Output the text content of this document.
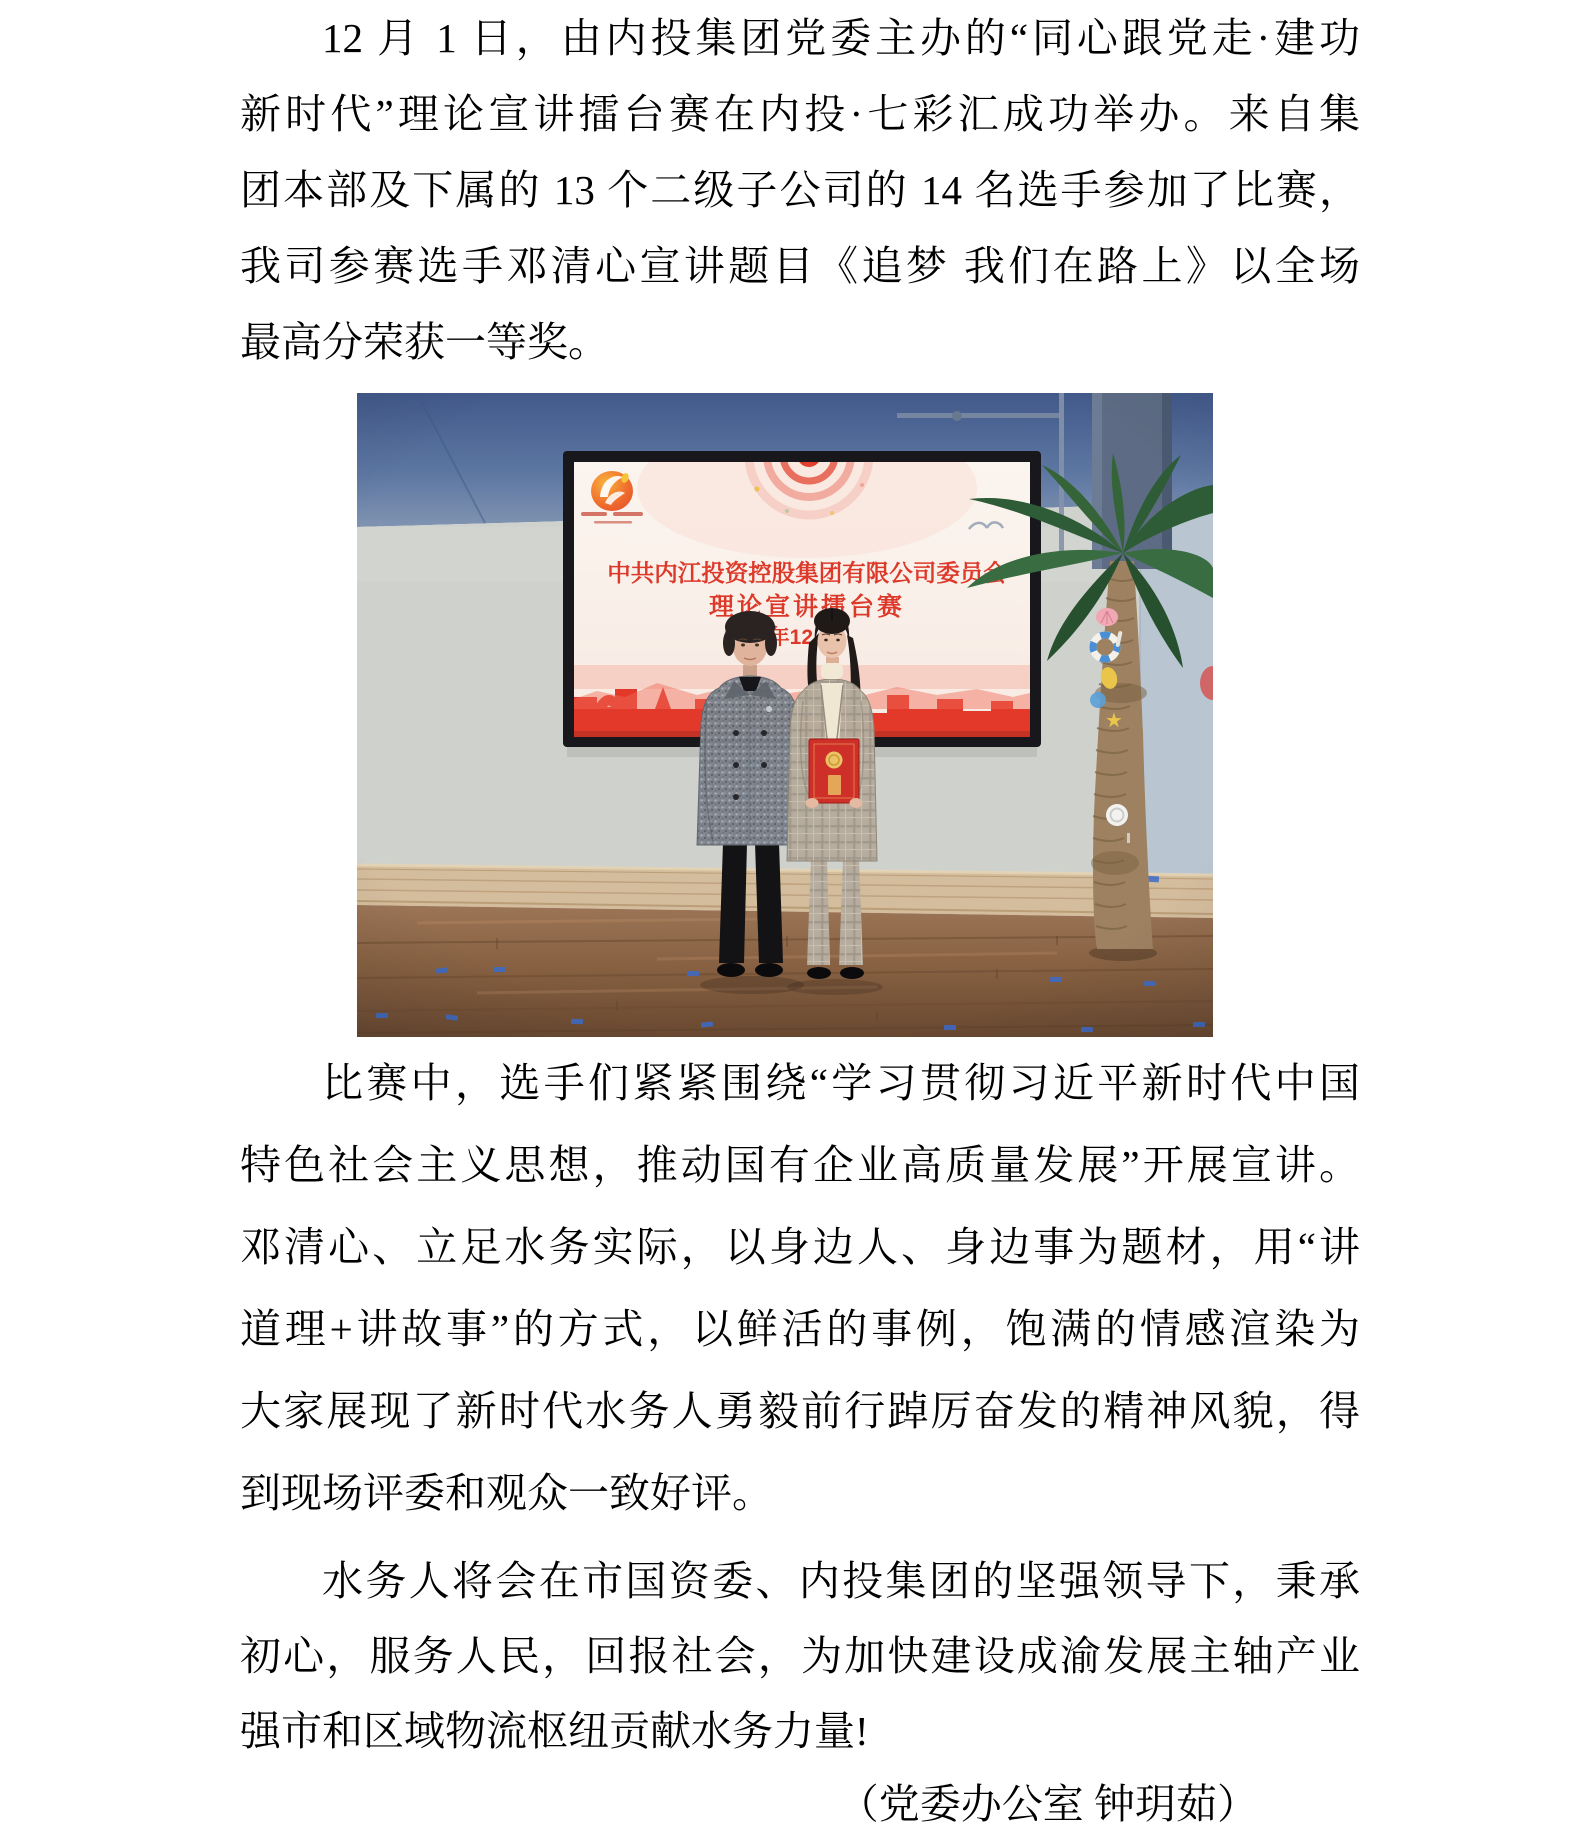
12 月 1 日，由内投集团党委主办的“同心跟党走·建功
新时代”理论宣讲擂台赛在内投·七彩汇成功举办。来自集
团本部及下属的 13 个二级子公司的 14 名选手参加了比赛，
我司参赛选手邓清心宣讲题目《追梦 我们在路上》以全场
最高分荣获一等奖。
比赛中，选手们紧紧围绕“学习贯彻习近平新时代中国
特色社会主义思想，推动国有企业高质量发展”开展宣讲。
邓清心、立足水务实际，以身边人、身边事为题材，用“讲
道理+讲故事”的方式，以鲜活的事例，饱满的情感渲染为
大家展现了新时代水务人勇毅前行踔厉奋发的精神风貌，得
到现场评委和观众一致好评。
水务人将会在市国资委、内投集团的坚强领导下，秉承
初心，服务人民，回报社会，为加快建设成渝发展主轴产业
强市和区域物流枢纽贡献水务力量!
（党委办公室 钟玥茹）
